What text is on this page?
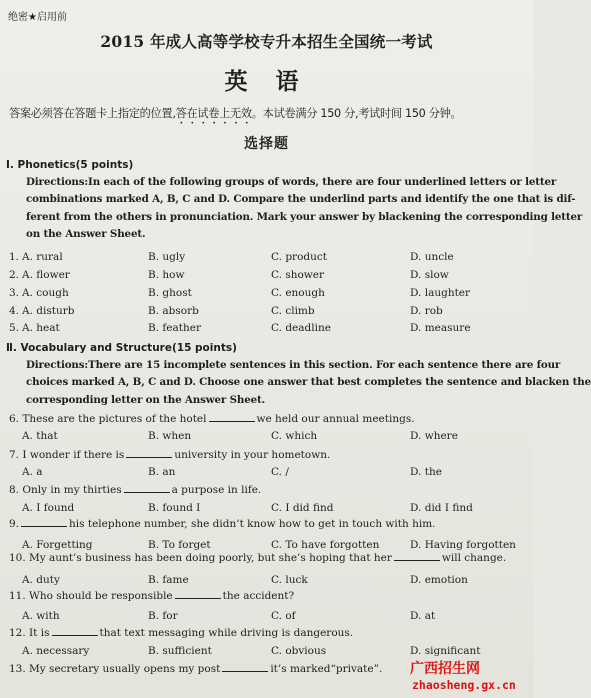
绝密★启用前
2015 年成人高等学校专升本招生全国统一考试
英 语
答案必须答在答题卡上指定的位置,答在试卷上无效。本试卷满分 150 分,考试时间 150 分钟。
选择题
Ⅰ. Phonetics(5 points)
Directions:In each of the following groups of words, there are four underlined letters or letter
combinations marked A, B, C and D. Compare the underlind parts and identify the one that is dif-
ferent from the others in pronunciation. Mark your answer by blackening the corresponding letter
on the Answer Sheet.
1. A. rural	B. ugly	C. product	D. uncle
2. A. flower	B. how	C. shower	D. slow
3. A. cough	B. ghost	C. enough	D. laughter
4. A. disturb	B. absorb	C. climb	D. rob
5. A. heat	B. feather	C. deadline	D. measure
Ⅱ. Vocabulary and Structure(15 points)
Directions:There are 15 incomplete sentences in this section. For each sentence there are four
choices marked A, B, C and D. Choose one answer that best completes the sentence and blacken the
corresponding letter on the Answer Sheet.
6. These are the pictures of the hotel	we held our annual meetings.
A. that	B. when	C. which	D. where
7. I wonder if there is	university in your hometown.
A. a	B. an	C. /	D. the
8. Only in my thirties	a purpose in life.
A. I found	B. found I	C. I did find	D. did I find
9.	his telephone number, she didn’t know how to get in touch with him.
A. Forgetting	B. To forget	C. To have forgotten	D. Having forgotten
10. My aunt’s business has been doing poorly, but she’s hoping that her	will change.
A. duty	B. fame	C. luck	D. emotion
11. Who should be responsible	the accident?
A. with	B. for	C. of	D. at
12. It is	that text messaging while driving is dangerous.
A. necessary	B. sufficient	C. obvious	D. significant
13. My secretary usually opens my post	it’s marked“private”. 广西招生网
zhaosheng.gx.cn
